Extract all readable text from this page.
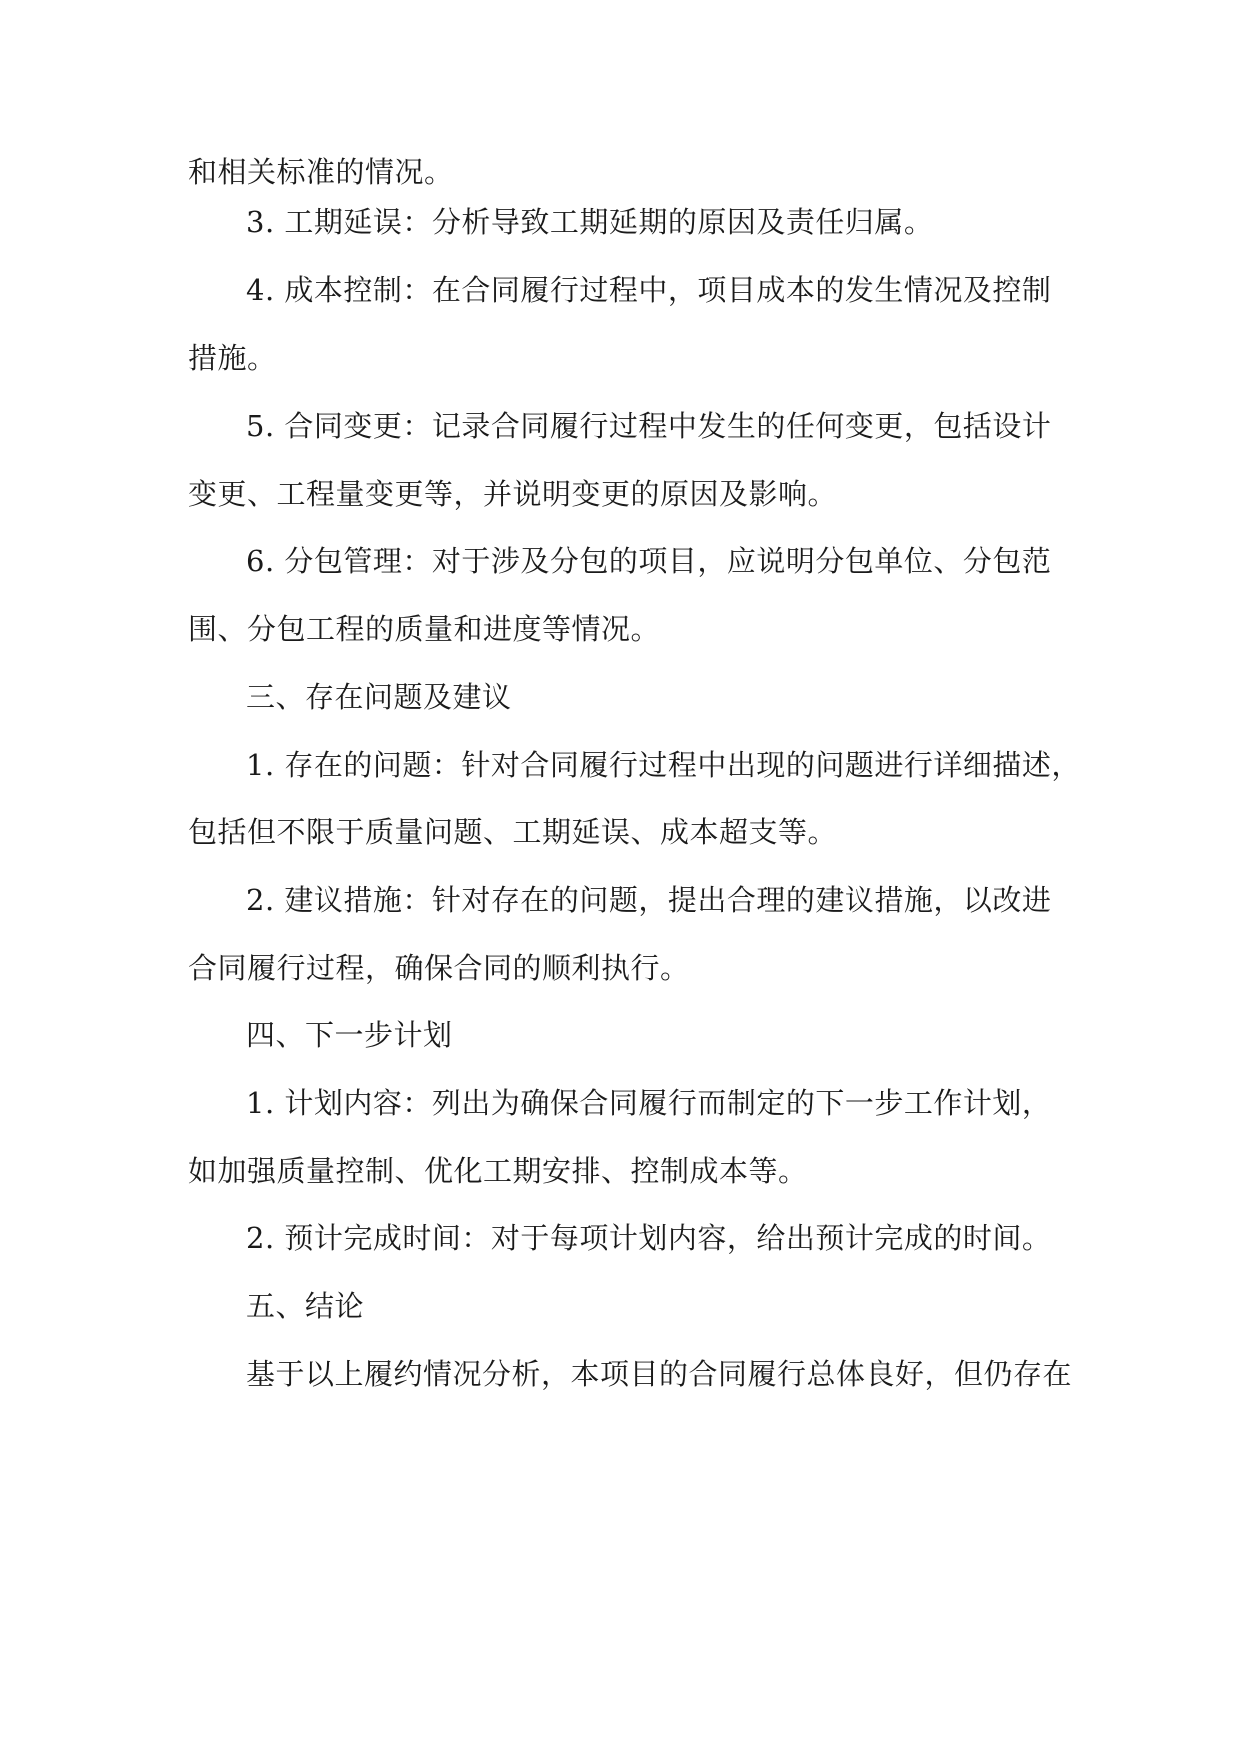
和相关标准的情况。
3. 工期延误：分析导致工期延期的原因及责任归属。
4. 成本控制：在合同履行过程中，项目成本的发生情况及控制
措施。
5. 合同变更：记录合同履行过程中发生的任何变更，包括设计
变更、工程量变更等，并说明变更的原因及影响。
6. 分包管理：对于涉及分包的项目，应说明分包单位、分包范
围、分包工程的质量和进度等情况。
三、存在问题及建议
1. 存在的问题：针对合同履行过程中出现的问题进行详细描述，
包括但不限于质量问题、工期延误、成本超支等。
2. 建议措施：针对存在的问题，提出合理的建议措施，以改进
合同履行过程，确保合同的顺利执行。
四、下一步计划
1. 计划内容：列出为确保合同履行而制定的下一步工作计划，
如加强质量控制、优化工期安排、控制成本等。
2. 预计完成时间：对于每项计划内容，给出预计完成的时间。
五、结论
基于以上履约情况分析，本项目的合同履行总体良好，但仍存在
